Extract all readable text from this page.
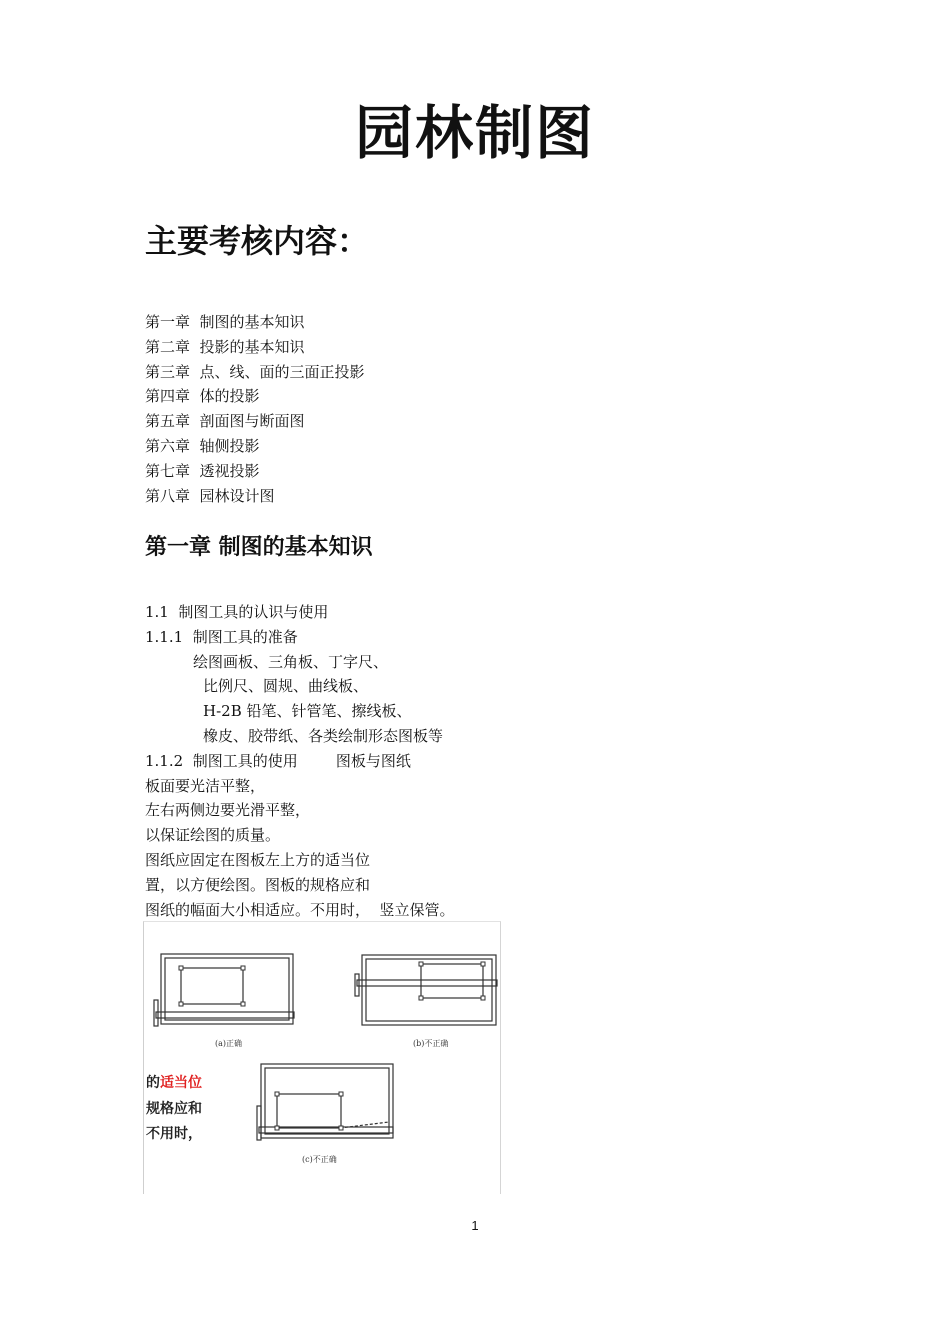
园林制图
主要考核内容：
第一章  制图的基本知识
第二章  投影的基本知识
第三章  点、线、面的三面正投影
第四章  体的投影
第五章  剖面图与断面图
第六章  轴侧投影
第七章  透视投影
第八章  园林设计图
第一章 制图的基本知识
1.1  制图工具的认识与使用
1.1.1  制图工具的准备
绘图画板、三角板、丁字尺、
比例尺、圆规、曲线板、
H-2B 铅笔、针管笔、擦线板、
橡皮、胶带纸、各类绘制形态图板等
1.1.2  制图工具的使用        图板与图纸
板面要光洁平整，
左右两侧边要光滑平整，
以保证绘图的质量。
图纸应固定在图板左上方的适当位
置，以方便绘图。图板的规格应和
图纸的幅面大小相适应。不用时，  竖立保管。
(a)正确	(b)不正确
(c)不正确
的适当位
规格应和
不用时，
1
